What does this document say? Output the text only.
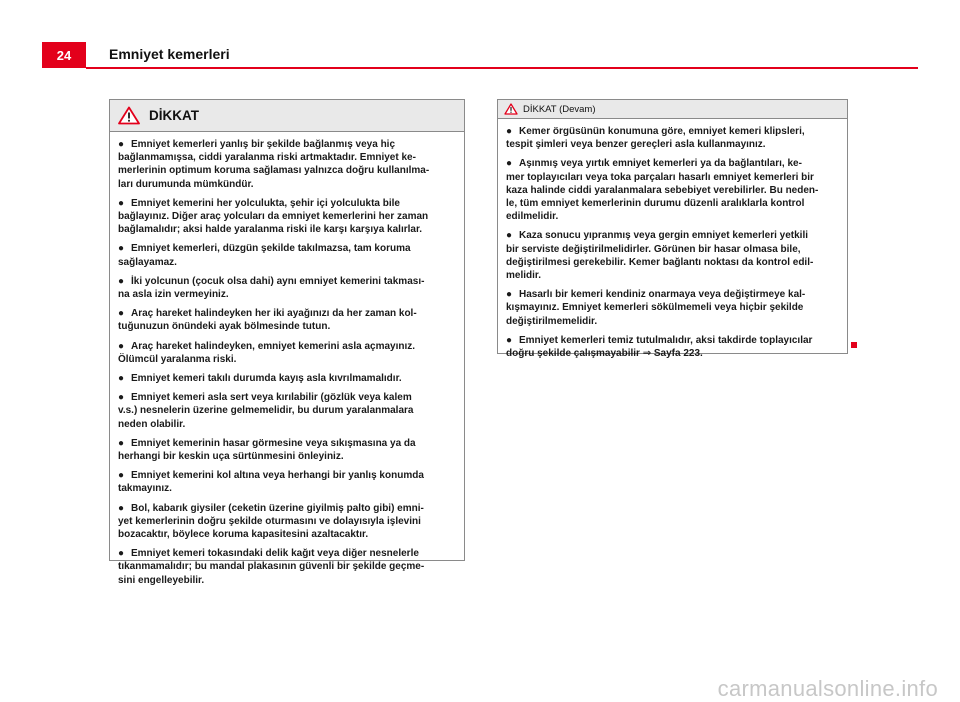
24	Emniyet kemerleri
DİKKAT
● Emniyet kemerleri yanlış bir şekilde bağlanmış veya hiç
bağlanmamışsa, ciddi yaralanma riski artmaktadır. Emniyet ke-
merlerinin optimum koruma sağlaması yalnızca doğru kullanılma-
ları durumunda mümkündür.
● Emniyet kemerini her yolculukta, şehir içi yolculukta bile
bağlayınız. Diğer araç yolcuları da emniyet kemerlerini her zaman
bağlamalıdır; aksi halde yaralanma riski ile karşı karşıya kalırlar.
● Emniyet kemerleri, düzgün şekilde takılmazsa, tam koruma
sağlayamaz.
● İki yolcunun (çocuk olsa dahi) aynı emniyet kemerini takması-
na asla izin vermeyiniz.
● Araç hareket halindeyken her iki ayağınızı da her zaman kol-
tuğunuzun önündeki ayak bölmesinde tutun.
● Araç hareket halindeyken, emniyet kemerini asla açmayınız.
Ölümcül yaralanma riski.
● Emniyet kemeri takılı durumda kayış asla kıvrılmamalıdır.
● Emniyet kemeri asla sert veya kırılabilir (gözlük veya kalem
v.s.) nesnelerin üzerine gelmemelidir, bu durum yaralanmalara
neden olabilir.
● Emniyet kemerinin hasar görmesine veya sıkışmasına ya da
herhangi bir keskin uça sürtünmesini önleyiniz.
● Emniyet kemerini kol altına veya herhangi bir yanlış konumda
takmayınız.
● Bol, kabarık giysiler (ceketin üzerine giyilmiş palto gibi) emni-
yet kemerlerinin doğru şekilde oturmasını ve dolayısıyla işlevini
bozacaktır, böylece koruma kapasitesini azaltacaktır.
● Emniyet kemeri tokasındaki delik kağıt veya diğer nesnelerle
tıkanmamalıdır; bu mandal plakasının güvenli bir şekilde geçme-
sini engelleyebilir.
DİKKAT (Devam)
● Kemer örgüsünün konumuna göre, emniyet kemeri klipsleri,
tespit şimleri veya benzer gereçleri asla kullanmayınız.
● Aşınmış veya yırtık emniyet kemerleri ya da bağlantıları, ke-
mer toplayıcıları veya toka parçaları hasarlı emniyet kemerleri bir
kaza halinde ciddi yaralanmalara sebebiyet verebilirler. Bu neden-
le, tüm emniyet kemerlerinin durumu düzenli aralıklarla kontrol
edilmelidir.
● Kaza sonucu yıpranmış veya gergin emniyet kemerleri yetkili
bir serviste değiştirilmelidirler. Görünen bir hasar olmasa bile,
değiştirilmesi gerekebilir. Kemer bağlantı noktası da kontrol edil-
melidir.
● Hasarlı bir kemeri kendiniz onarmaya veya değiştirmeye kal-
kışmayınız. Emniyet kemerleri sökülmemeli veya hiçbir şekilde
değiştirilmemelidir.
● Emniyet kemerleri temiz tutulmalıdır, aksi takdirde toplayıcılar
doğru şekilde çalışmayabilir ⇒ Sayfa 223.
carmanualsonline.info
